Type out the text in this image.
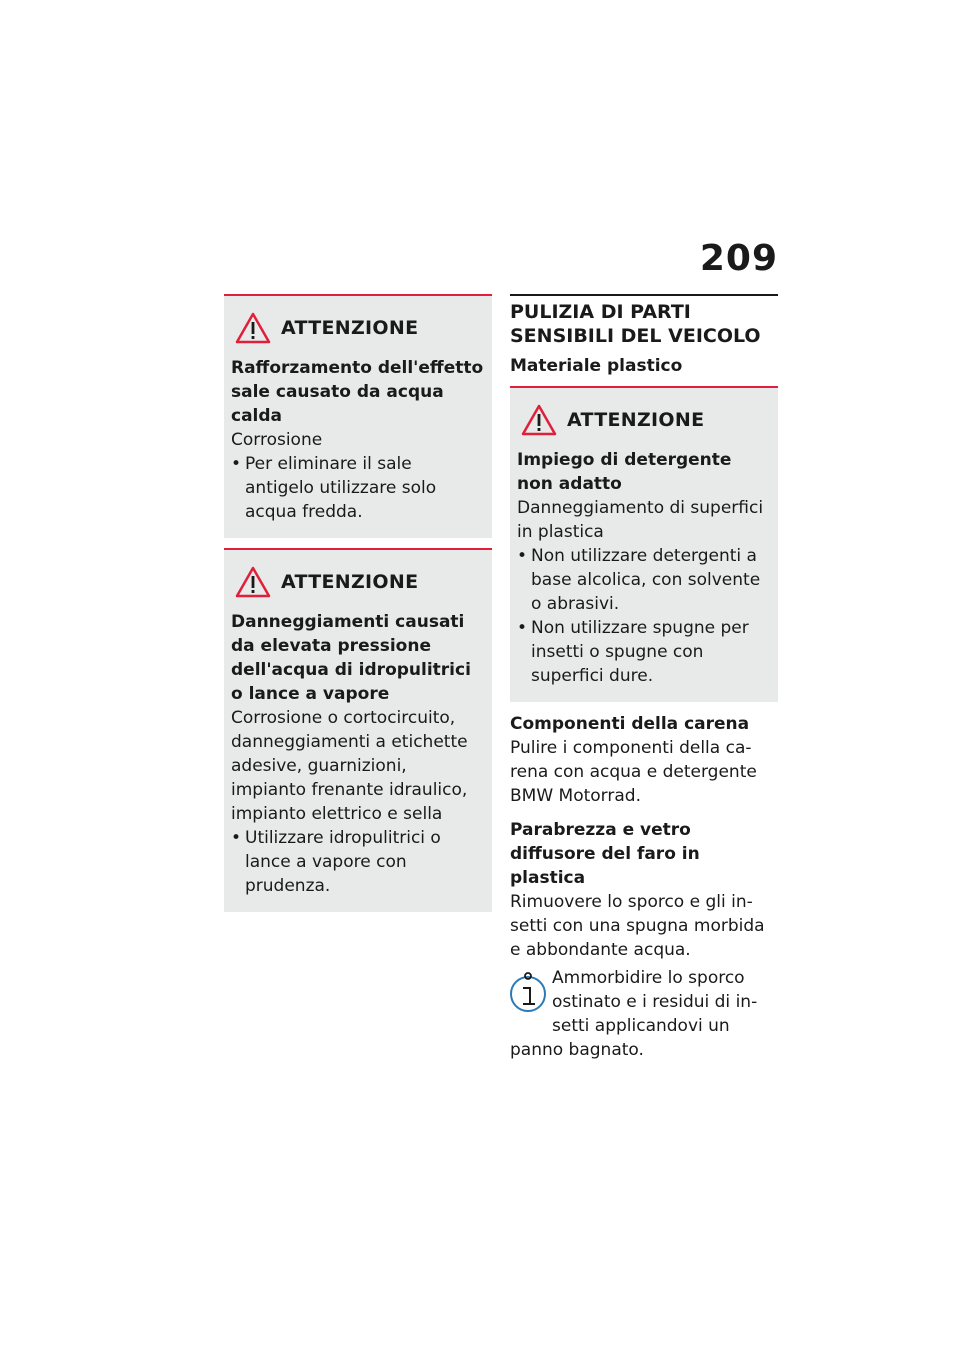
209
ATTENZIONE
Rafforzamento dell'effetto sale causato da acqua calda
Corrosione
• Per eliminare il sale antigelo utilizzare solo acqua fredda.
ATTENZIONE
Danneggiamenti causati da elevata pressione dell'acqua di idropulitrici o lance a vapore
Corrosione o cortocircuito, danneggiamenti a etichette adesive, guarnizioni, impianto frenante idraulico, impianto elettrico e sella
• Utilizzare idropulitrici o lance a vapore con prudenza.
PULIZIA DI PARTI SENSIBILI DEL VEICOLO
Materiale plastico
ATTENZIONE
Impiego di detergente non adatto
Danneggiamento di superfici in plastica
• Non utilizzare detergenti a base alcolica, con solvente o abrasivi.
• Non utilizzare spugne per insetti o spugne con superfici dure.
Componenti della carena
Pulire i componenti della carena con acqua e detergente BMW Motorrad.
Parabrezza e vetro diffusore del faro in plastica
Rimuovere lo sporco e gli insetti con una spugna morbida e abbondante acqua.
Ammorbidire lo sporco ostinato e i residui di insetti applicandovi un panno bagnato.
